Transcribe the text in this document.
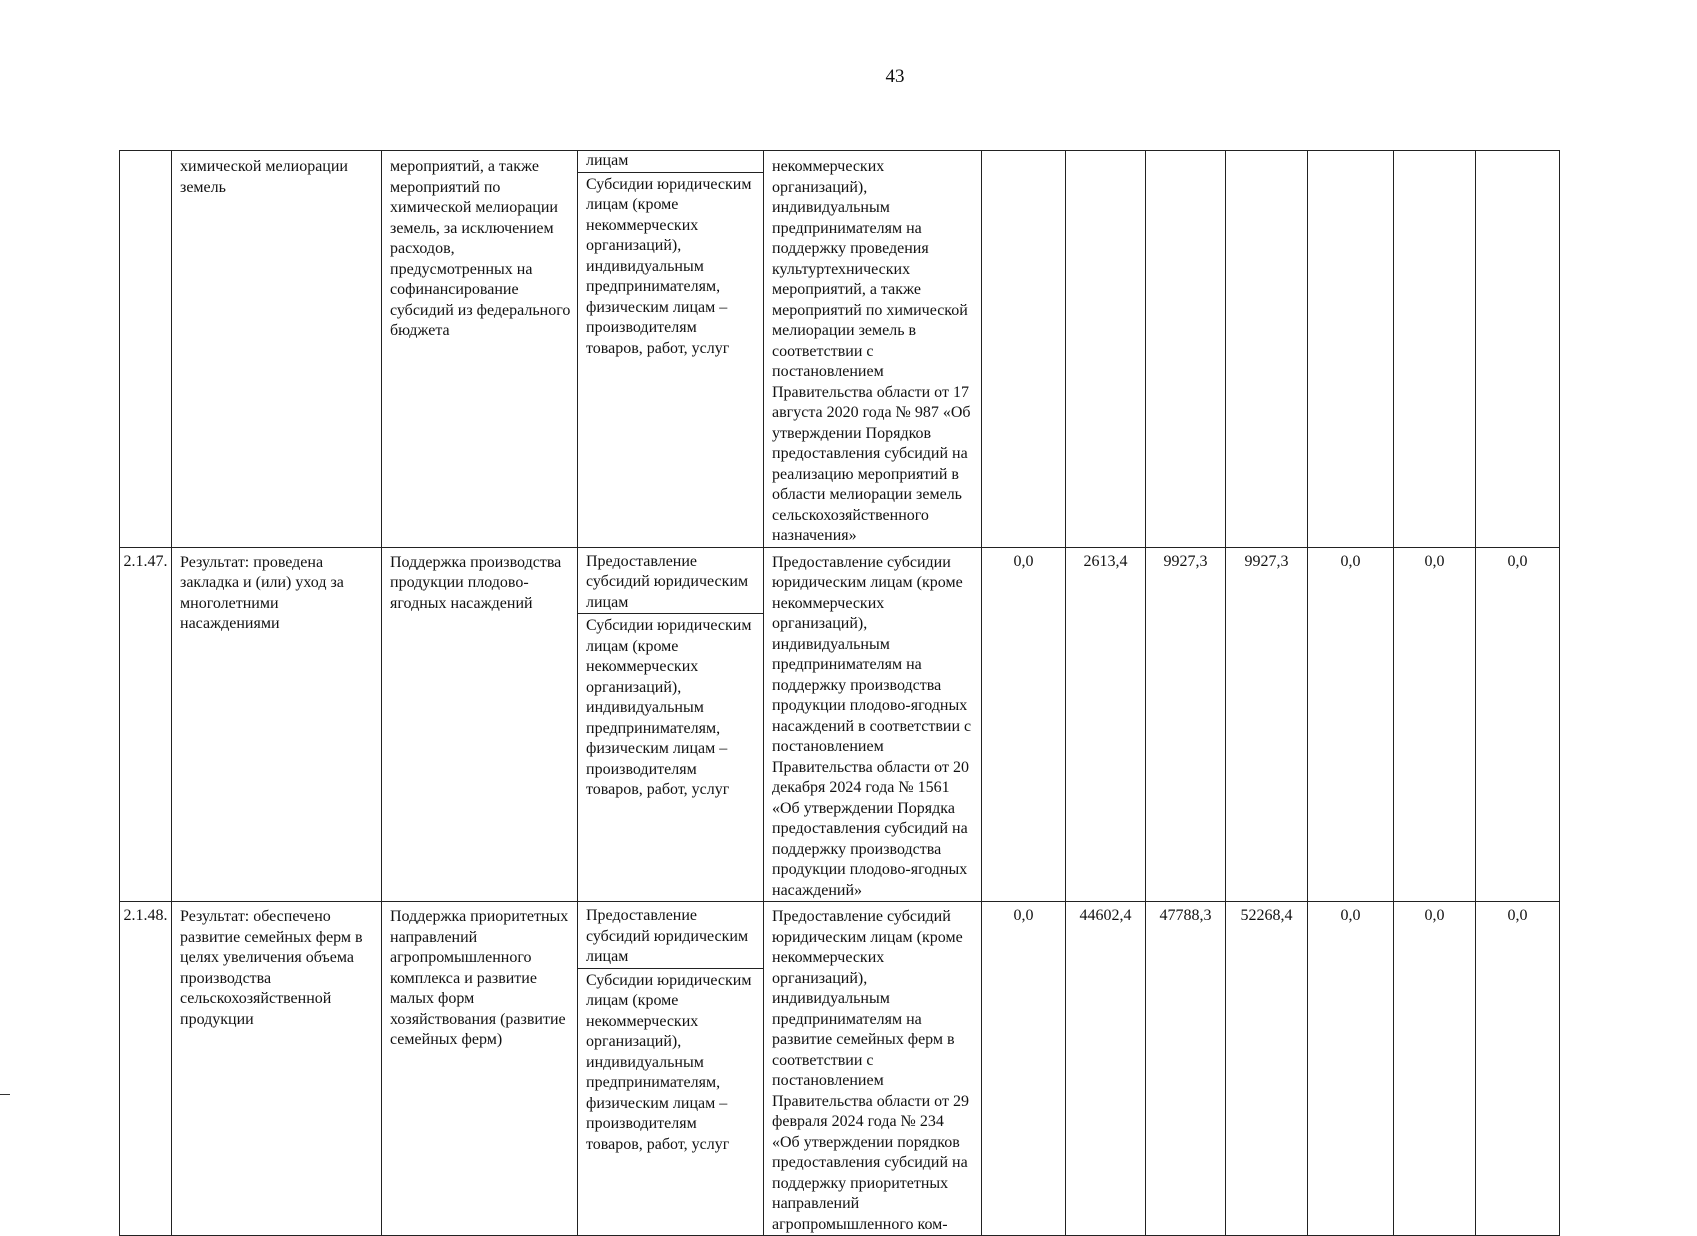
43
	химической мелиорации земель	мероприятий, а также мероприятий по химической мелиорации земель, за исключением расходов, предусмотренных на софинансирование субсидий из федерального бюджета	лицам
Субсидии юридическим лицам (кроме некоммерческих организаций), индивидуальным предпринимателям, физическим лицам – производителям товаров, работ, услуг	некоммерческих организаций), индивидуальным предпринимателям на поддержку проведения культуртехнических мероприятий, а также мероприятий по химической мелиорации земель в соответствии с постановлением Правительства области от 17 августа 2020 года № 987 «Об утверждении Порядков предоставления субсидий на реализацию мероприятий в области мелиорации земель сельскохозяйственного назначения»							
2.1.47.	Результат: проведена закладка и (или) уход за многолетними насаждениями	Поддержка производства продукции плодово-ягодных насаждений	Предоставление субсидий юридическим лицам
Субсидии юридическим лицам (кроме некоммерческих организаций), индивидуальным предпринимателям, физическим лицам – производителям товаров, работ, услуг	Предоставление субсидии юридическим лицам (кроме некоммерческих организаций), индивидуальным предпринимателям на поддержку производства продукции плодово-ягодных насаждений в соответствии с постановлением Правительства области от 20 декабря 2024 года № 1561 «Об утверждении Порядка предоставления субсидий на поддержку производства продукции плодово-ягодных насаждений»	0,0	2613,4	9927,3	9927,3	0,0	0,0	0,0
2.1.48.	Результат: обеспечено развитие семейных ферм в целях увеличения объема производства сельскохозяйственной продукции	Поддержка приоритетных направлений агропромышленного комплекса и развитие малых форм хозяйствования (развитие семейных ферм)	Предоставление субсидий юридическим лицам
Субсидии юридическим лицам (кроме некоммерческих организаций), индивидуальным предпринимателям, физическим лицам – производителям товаров, работ, услуг	Предоставление субсидий юридическим лицам (кроме некоммерческих организаций), индивидуальным предпринимателям на развитие семейных ферм в соответствии с постановлением Правительства области от 29 февраля 2024 года № 234 «Об утверждении порядков предоставления субсидий на поддержку приоритетных направлений агропромышленного ком-	0,0	44602,4	47788,3	52268,4	0,0	0,0	0,0
